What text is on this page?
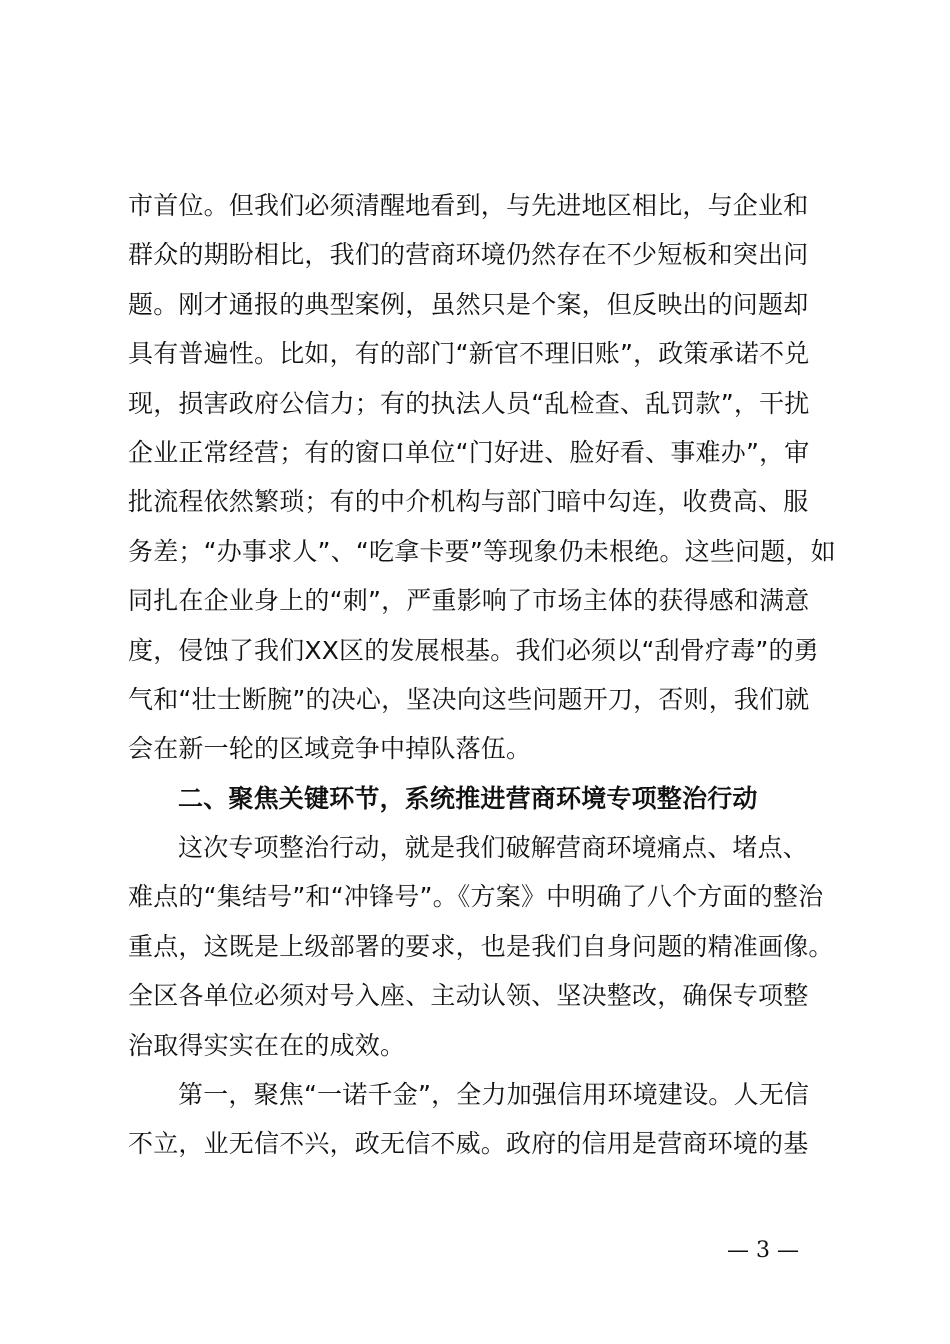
市首位。但我们必须清醒地看到，与先进地区相比，与企业和
群众的期盼相比，我们的营商环境仍然存在不少短板和突出问
题。刚才通报的典型案例，虽然只是个案，但反映出的问题却
具有普遍性。比如，有的部门“新官不理旧账”，政策承诺不兑
现，损害政府公信力；有的执法人员“乱检查、乱罚款”，干扰
企业正常经营；有的窗口单位“门好进、脸好看、事难办”，审
批流程依然繁琐；有的中介机构与部门暗中勾连，收费高、服
务差；“办事求人”、“吃拿卡要”等现象仍未根绝。这些问题，如
同扎在企业身上的“刺”，严重影响了市场主体的获得感和满意
度，侵蚀了我们XX区的发展根基。我们必须以“刮骨疗毒”的勇
气和“壮士断腕”的决心，坚决向这些问题开刀，否则，我们就
会在新一轮的区域竞争中掉队落伍。
二、聚焦关键环节，系统推进营商环境专项整治行动
这次专项整治行动，就是我们破解营商环境痛点、堵点、
难点的“集结号”和“冲锋号”。《方案》中明确了八个方面的整治
重点，这既是上级部署的要求，也是我们自身问题的精准画像。
全区各单位必须对号入座、主动认领、坚决整改，确保专项整
治取得实实在在的成效。
第一，聚焦“一诺千金”，全力加强信用环境建设。人无信
不立，业无信不兴，政无信不威。政府的信用是营商环境的基
— 3 —
